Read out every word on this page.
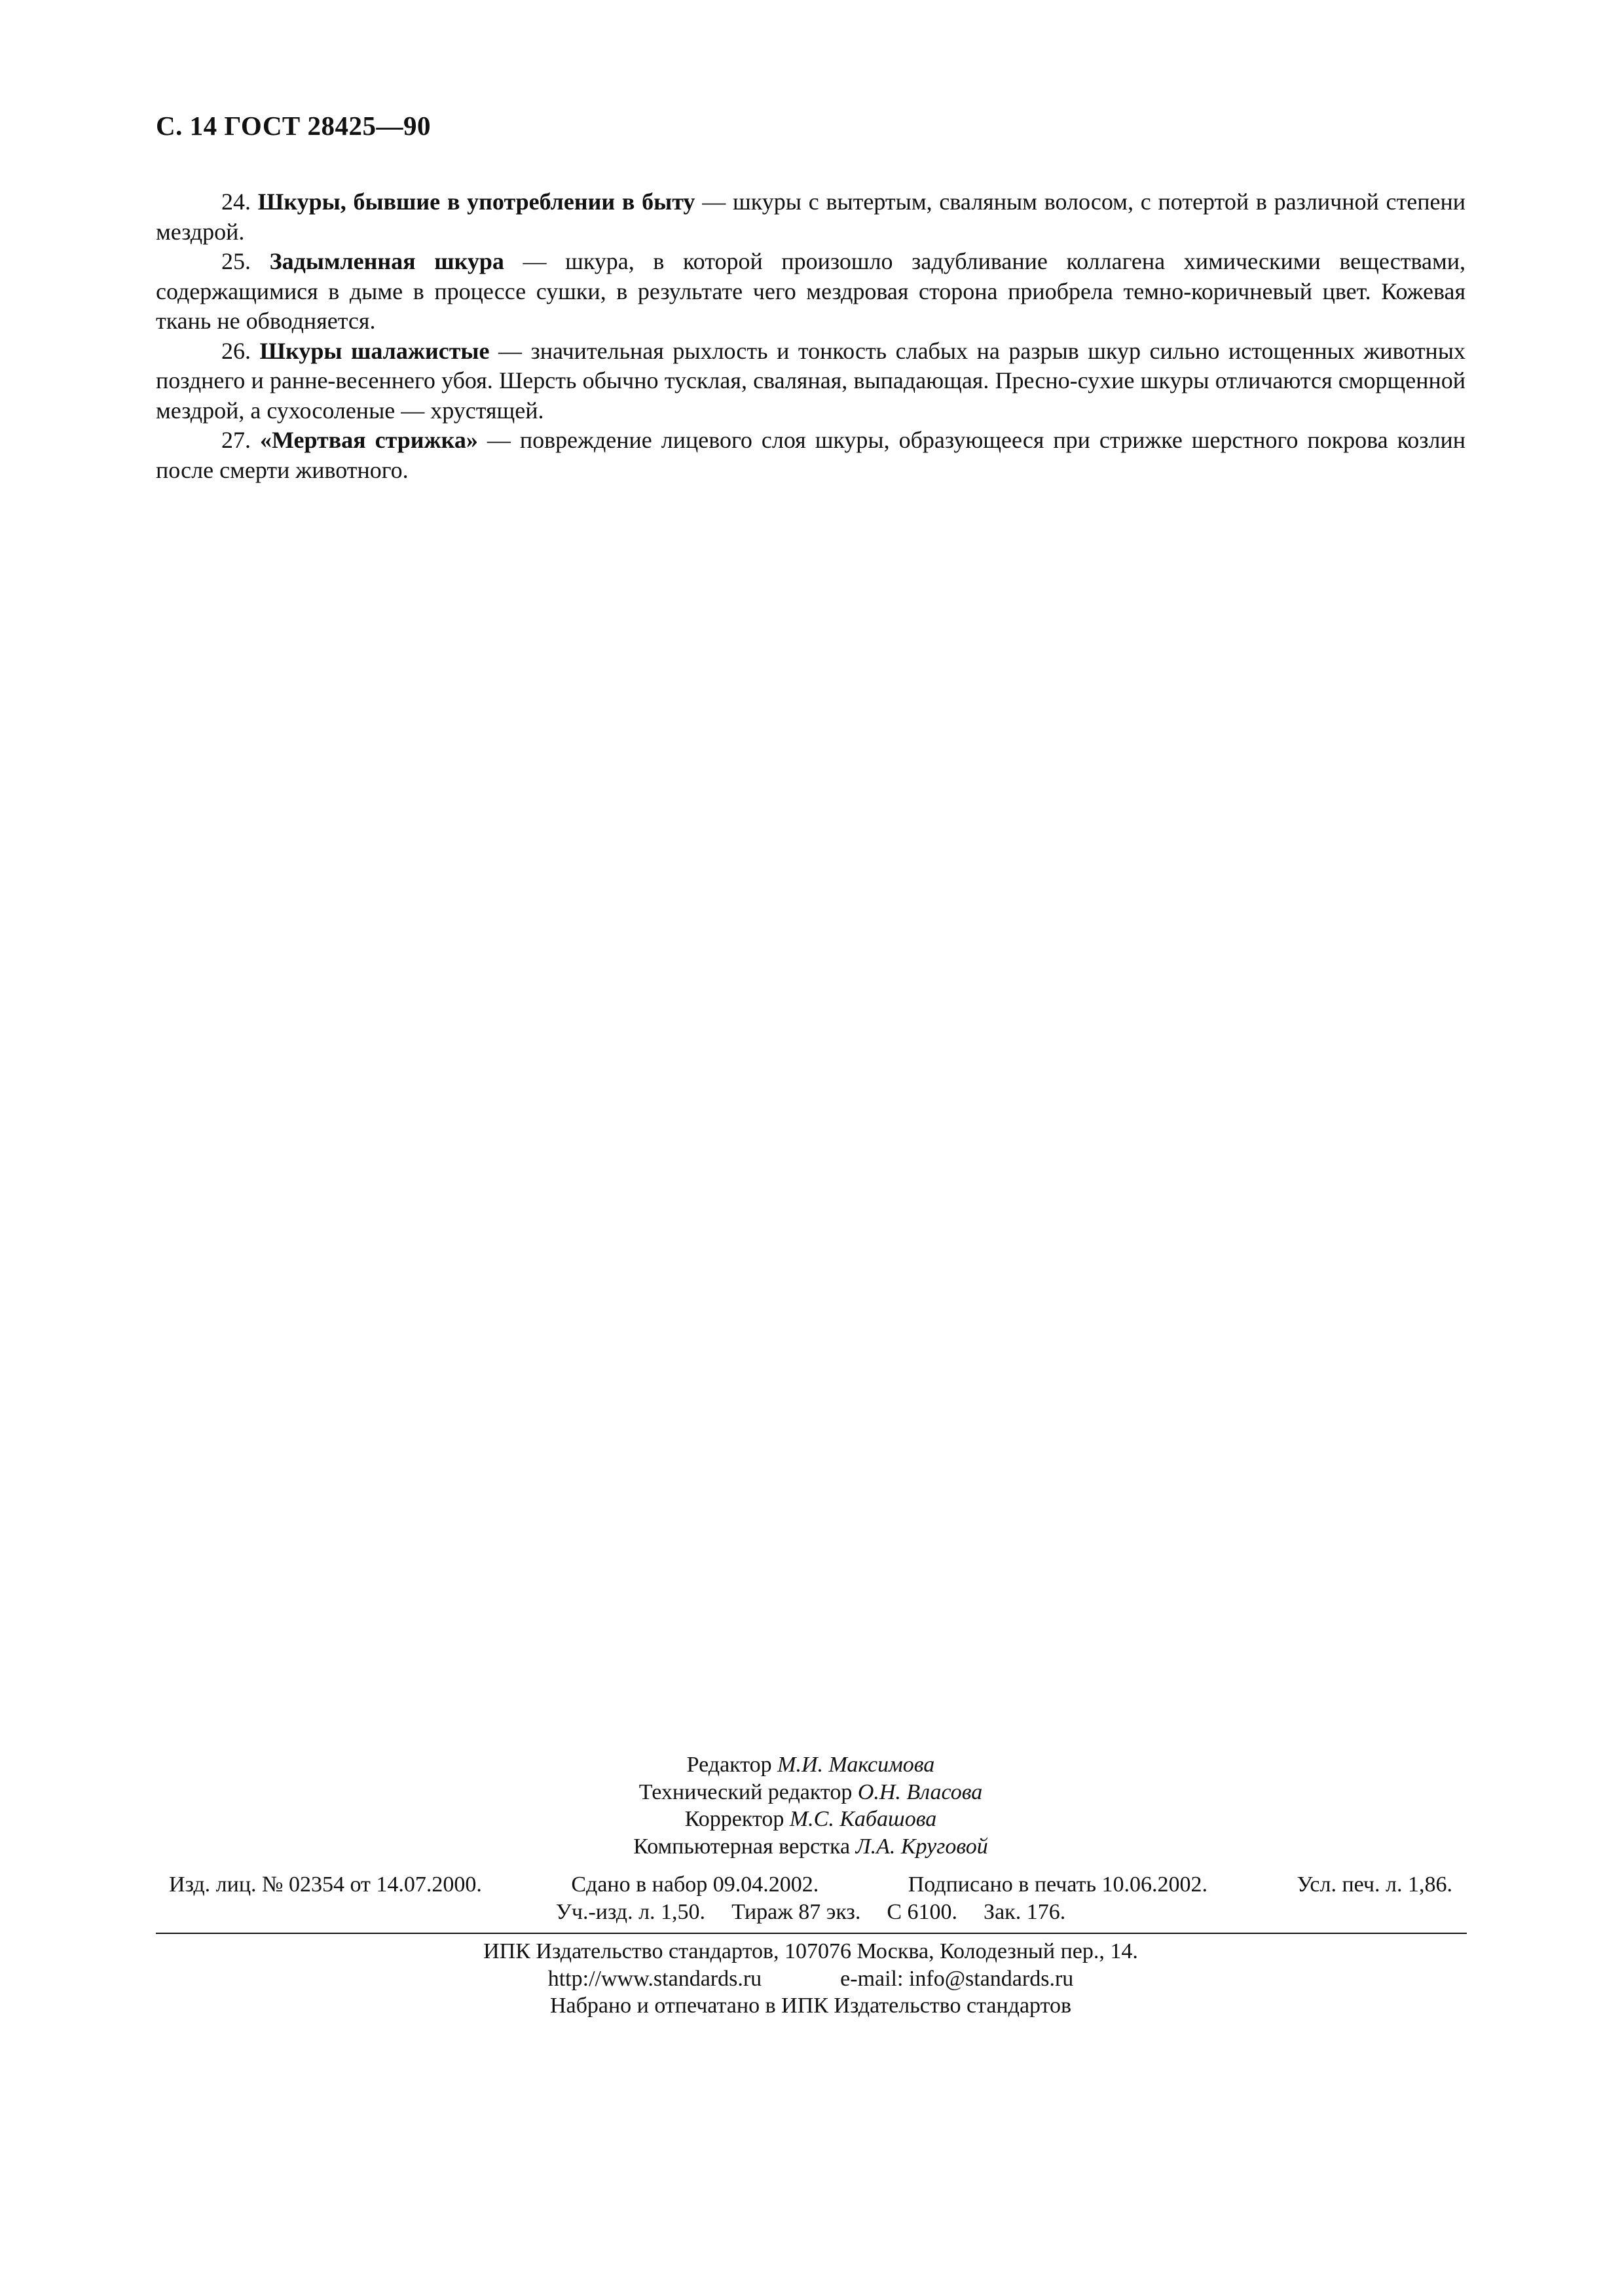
С. 14 ГОСТ 28425—90

24. Шкуры, бывшие в употреблении в быту — шкуры с вытертым, сваляным волосом, с потертой в различной степени мездрой.

25. Задымленная шкура — шкура, в которой произошло задубливание коллагена химическими веществами, содержащимися в дыме в процессе сушки, в результате чего мездровая сторона приобрела темно-коричневый цвет. Кожевая ткань не обводняется.

26. Шкуры шалажистые — значительная рыхлость и тонкость слабых на разрыв шкур сильно истощенных животных позднего и ранне-весеннего убоя. Шерсть обычно тусклая, сваляная, выпадающая. Пресно-сухие шкуры отличаются сморщенной мездрой, а сухосоленые — хрустящей.

27. «Мертвая стрижка» — повреждение лицевого слоя шкуры, образующееся при стрижке шерстного покрова козлин после смерти животного.

Редактор М.И. Максимова
Технический редактор О.Н. Власова
Корректор М.С. Кабашова
Компьютерная верстка Л.А. Круговой
Изд. лиц. № 02354 от 14.07.2000.	Сдано в набор 09.04.2002.	Подписано в печать 10.06.2002.	Усл. печ. л. 1,86.
Уч.-изд. л. 1,50. Тираж 87 экз. С 6100. Зак. 176.
ИПК Издательство стандартов, 107076 Москва, Колодезный пер., 14.
http://www.standards.ru	e-mail: info@standards.ru
Набрано и отпечатано в ИПК Издательство стандартов
